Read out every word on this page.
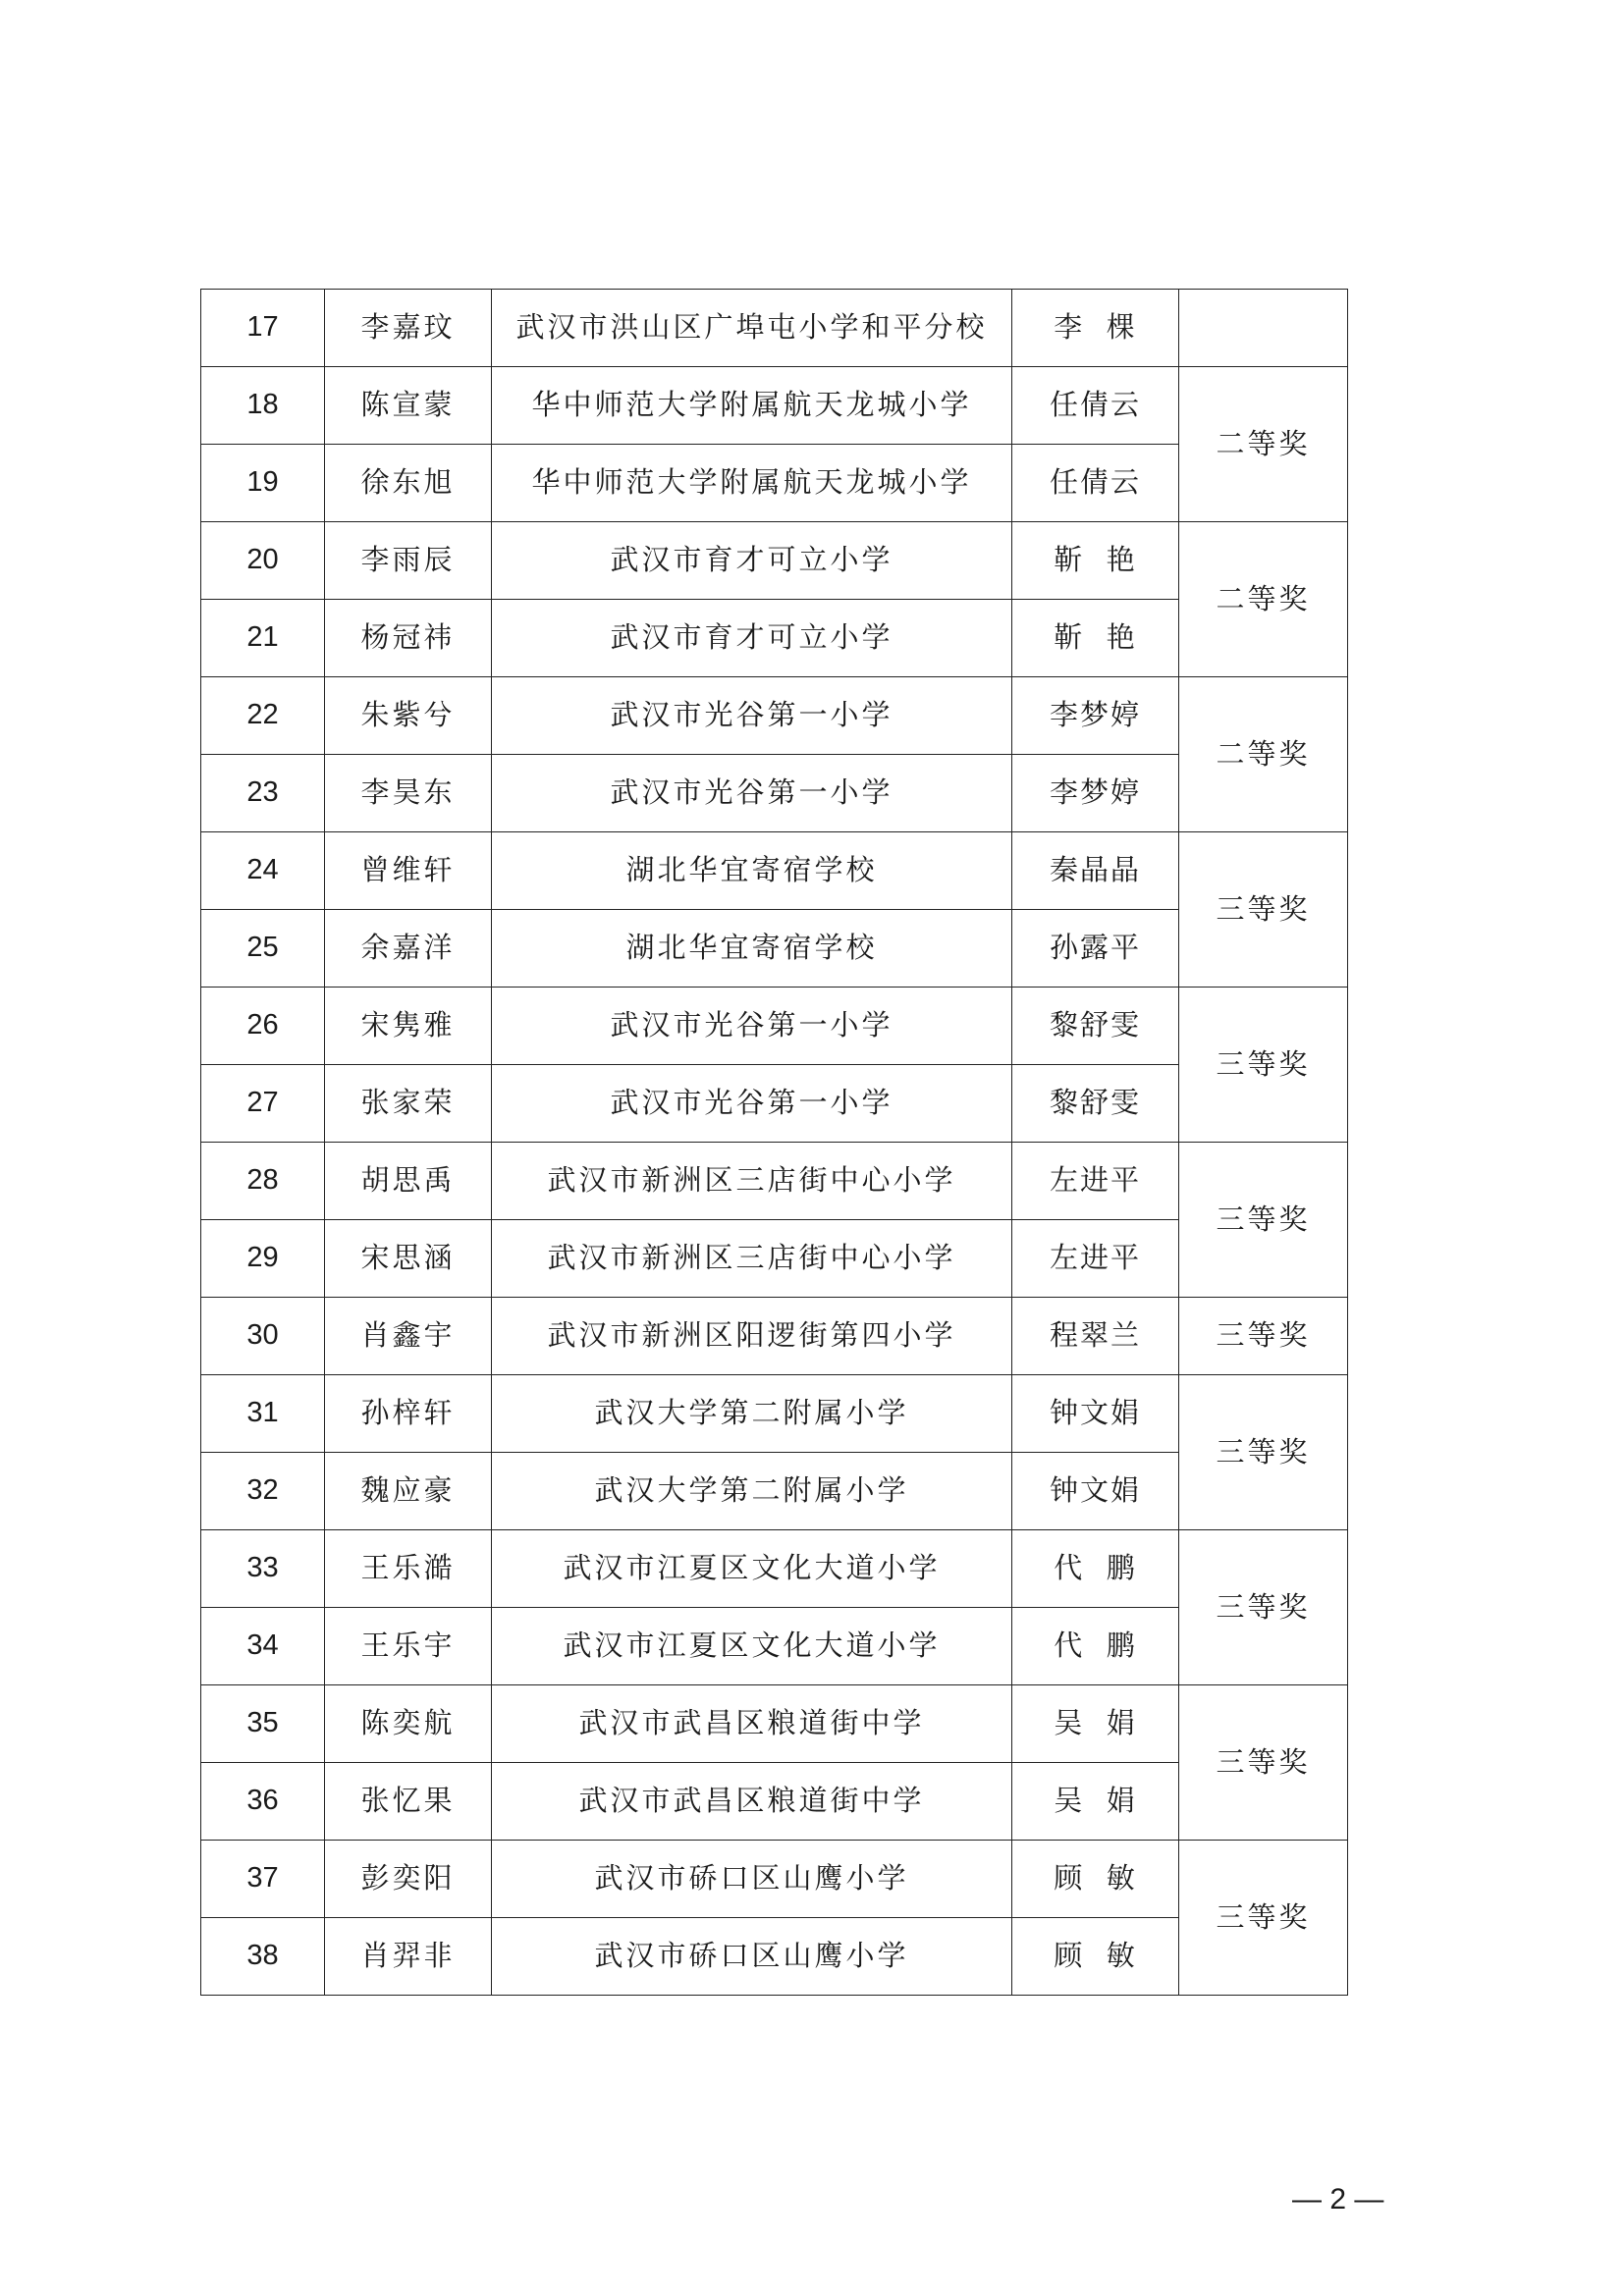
17	李嘉玟	武汉市洪山区广埠屯小学和平分校	李  棵	
18	陈宣蒙	华中师范大学附属航天龙城小学	任倩云	二等奖
19	徐东旭	华中师范大学附属航天龙城小学	任倩云	
20	李雨辰	武汉市育才可立小学	靳  艳	二等奖
21	杨冠祎	武汉市育才可立小学	靳  艳	
22	朱紫兮	武汉市光谷第一小学	李梦婷	二等奖
23	李昊东	武汉市光谷第一小学	李梦婷	
24	曾维轩	湖北华宜寄宿学校	秦晶晶	三等奖
25	余嘉洋	湖北华宜寄宿学校	孙露平	
26	宋隽雅	武汉市光谷第一小学	黎舒雯	三等奖
27	张家荣	武汉市光谷第一小学	黎舒雯	
28	胡思禹	武汉市新洲区三店街中心小学	左进平	三等奖
29	宋思涵	武汉市新洲区三店街中心小学	左进平	
30	肖鑫宇	武汉市新洲区阳逻街第四小学	程翠兰	三等奖
31	孙梓轩	武汉大学第二附属小学	钟文娟	三等奖
32	魏应豪	武汉大学第二附属小学	钟文娟	
33	王乐澔	武汉市江夏区文化大道小学	代  鹏	三等奖
34	王乐宇	武汉市江夏区文化大道小学	代  鹏	
35	陈奕航	武汉市武昌区粮道街中学	吴  娟	三等奖
36	张忆果	武汉市武昌区粮道街中学	吴  娟	
37	彭奕阳	武汉市硚口区山鹰小学	顾  敏	三等奖
38	肖羿非	武汉市硚口区山鹰小学	顾  敏	
— 2 —
